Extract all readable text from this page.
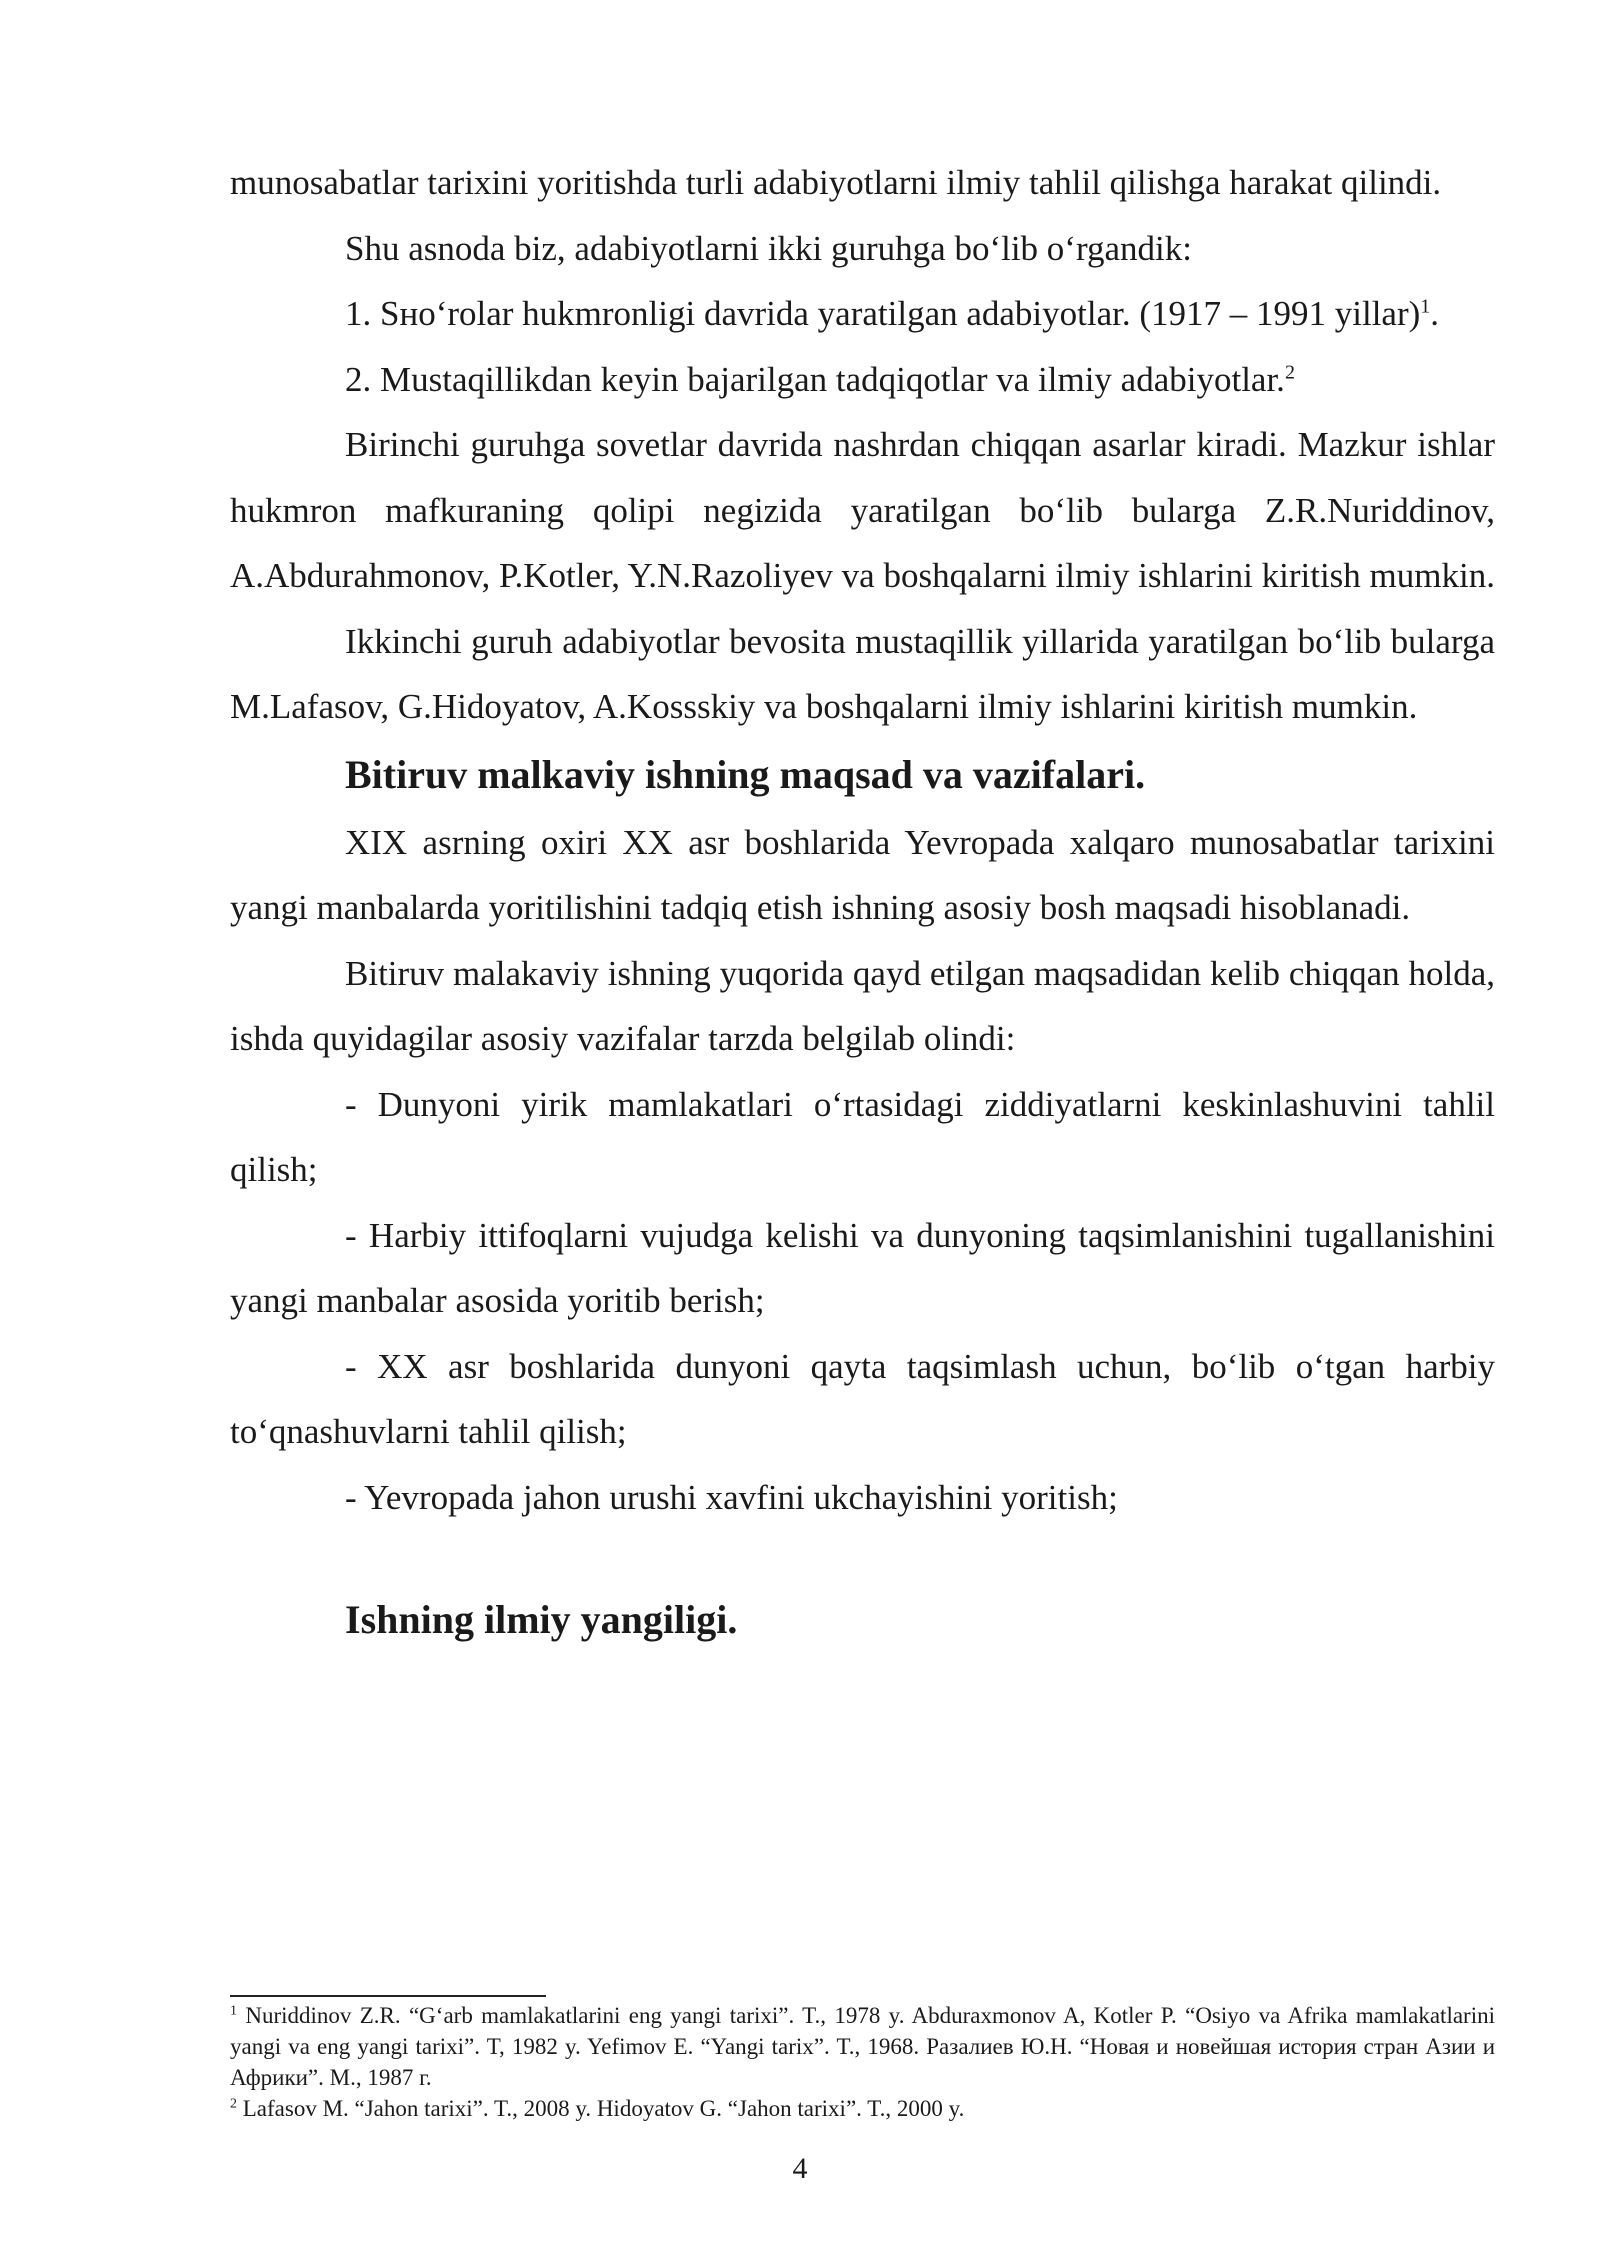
munosabatlar tarixini yoritishda turli adabiyotlarni ilmiy tahlil qilishga harakat qilindi.

Shu asnoda biz, adabiyotlarni ikki guruhga bo‘lib o‘rgandik:

1. Sно‘rolar hukmronligi davrida yaratilgan adabiyotlar. (1917 – 1991 yillar)$^1$.

2. Mustaqillikdan keyin bajarilgan tadqiqotlar va ilmiy adabiyotlar.$^2$

Birinchi guruhga sovetlar davrida nashrdan chiqqan asarlar kiradi. Mazkur ishlar hukmron mafkuraning qolipi negizida yaratilgan bo‘lib bularga Z.R.Nuriddinov, A.Abdurahmonov, P.Kotler, Y.N.Razoliyev va boshqalarni ilmiy ishlarini kiritish mumkin.

Ikkinchi guruh adabiyotlar bevosita mustaqillik yillarida yaratilgan bo‘lib bularga M.Lafasov, G.Hidoyatov, A.Kossskiy va boshqalarni ilmiy ishlarini kiritish mumkin.

Bitiruv malkaviy ishning maqsad va vazifalari.

XIX asrning oxiri XX asr boshlarida Yevropada xalqaro munosabatlar tarixini yangi manbalarda yoritilishini tadqiq etish ishning asosiy bosh maqsadi hisoblanadi.

Bitiruv malakaviy ishning yuqorida qayd etilgan maqsadidan kelib chiqqan holda, ishda quyidagilar asosiy vazifalar tarzda belgilab olindi:

- Dunyoni yirik mamlakatlari o‘rtasidagi ziddiyatlarni keskinlashuvini tahlil qilish;

- Harbiy ittifoqlarni vujudga kelishi va dunyoning taqsimlanishini tugallanishini yangi manbalar asosida yoritib berish;

- XX asr boshlarida dunyoni qayta taqsimlash uchun, bo‘lib o‘tgan harbiy to‘qnashuvlarni tahlil qilish;

- Yevropada jahon urushi xavfini ukchayishini yoritish;

Ishning ilmiy yangiligi.

$^1$ Nuriddinov Z.R. “G‘arb mamlakatlarini eng yangi tarixi”. T., 1978 y. Abduraxmonov A, Kotler P. “Osiyo va Afrika mamlakatlarini yangi va eng yangi tarixi”. T, 1982 y. Yefimov E. “Yangi tarix”. T., 1968. Разалиев Ю.Н. “Новая и новейшая история стран Азии и Африки”. M., 1987 г.

$^2$ Lafasov M. “Jahon tarixi”. T., 2008 y. Hidoyatov G. “Jahon tarixi”. T., 2000 y.

4
